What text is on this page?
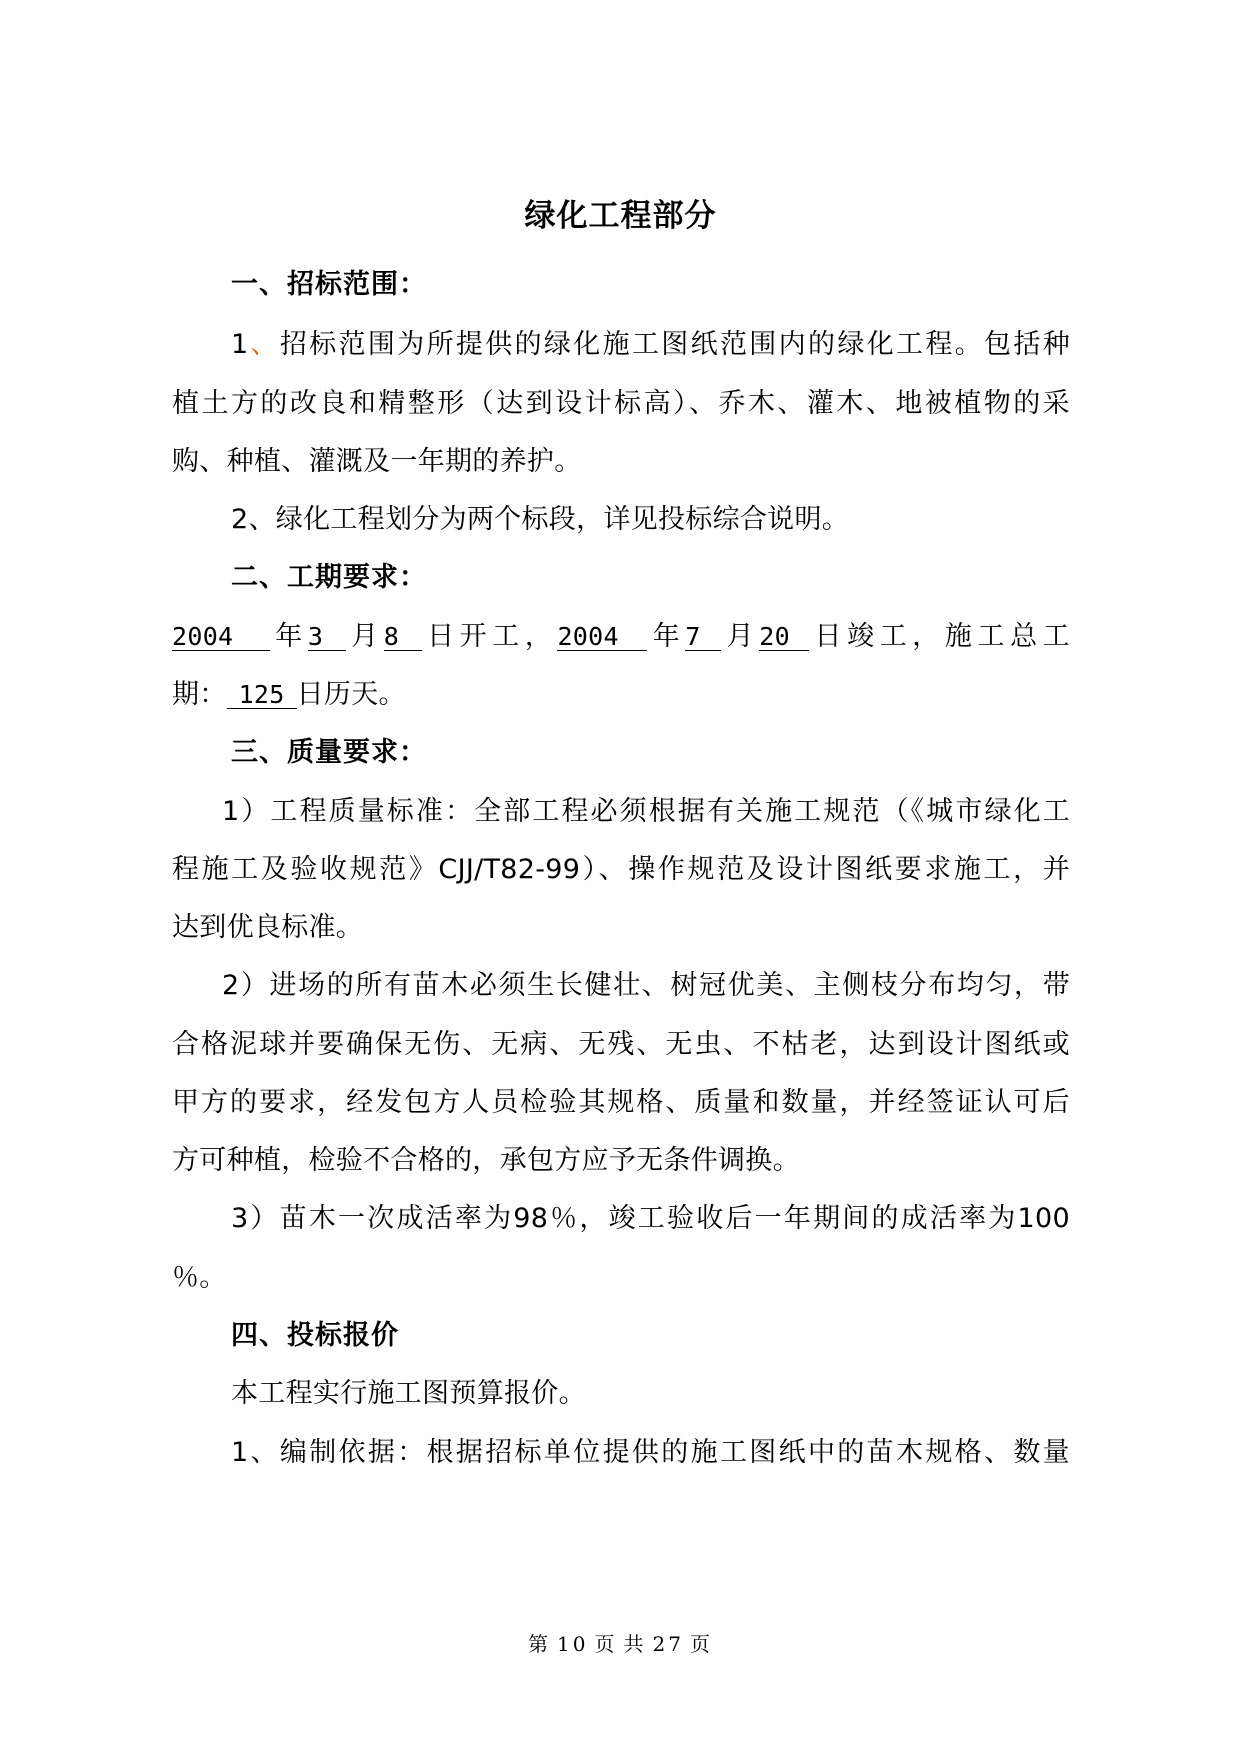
绿化工程部分
一、招标范围：
1、招标范围为所提供的绿化施工图纸范围内的绿化工程。包括种
植土方的改良和精整形（达到设计标高）、乔木、灌木、地被植物的采
购、种植、灌溉及一年期的养护。
2、绿化工程划分为两个标段，详见投标综合说明。
二、工期要求：
2004 年3 月8 日开工，2004 年7 月20 日竣工，施工总工
期： 125 日历天。
三、质量要求：
1）工程质量标准：全部工程必须根据有关施工规范（《城市绿化工
程施工及验收规范》CJJ/T82-99）、操作规范及设计图纸要求施工，并
达到优良标准。
2）进场的所有苗木必须生长健壮、树冠优美、主侧枝分布均匀，带
合格泥球并要确保无伤、无病、无残、无虫、不枯老，达到设计图纸或
甲方的要求，经发包方人员检验其规格、质量和数量，并经签证认可后
方可种植，检验不合格的，承包方应予无条件调换。
3）苗木一次成活率为98％，竣工验收后一年期间的成活率为100
％。
四、投标报价
本工程实行施工图预算报价。
1、编制依据：根据招标单位提供的施工图纸中的苗木规格、数量
第 10 页 共 27 页
